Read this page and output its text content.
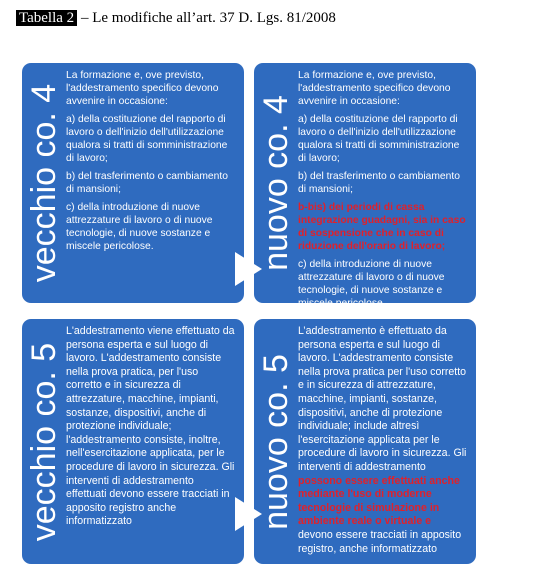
Tabella 2 – Le modifiche all’art. 37 D. Lgs. 81/2008
vecchio co. 4

La formazione e, ove previsto, l'addestramento specifico devono avvenire in occasione:

a) della costituzione del rapporto di lavoro o dell'inizio dell'utilizzazione qualora si tratti di somministrazione di lavoro;

b) del trasferimento o cambiamento di mansioni;

c) della introduzione di nuove attrezzature di lavoro o di nuove tecnologie, di nuove sostanze e miscele pericolose.	nuovo co. 4

La formazione e, ove previsto, l'addestramento specifico devono avvenire in occasione:

a) della costituzione del rapporto di lavoro o dell'inizio dell'utilizzazione qualora si tratti di somministrazione di lavoro;

b) del trasferimento o cambiamento di mansioni;

b-bis) dei periodi di cassa integrazione guadagni, sia in caso di sospensione che in caso di riduzione dell'orario di lavoro;

c) della introduzione di nuove attrezzature di lavoro o di nuove tecnologie, di nuove sostanze e miscele pericolose.

vecchio co. 5

L'addestramento viene effettuato da persona esperta e sul luogo di lavoro. L'addestramento consiste nella prova pratica, per l'uso corretto e in sicurezza di attrezzature, macchine, impianti, sostanze, dispositivi, anche di protezione individuale; l'addestramento consiste, inoltre, nell'esercitazione applicata, per le procedure di lavoro in sicurezza. Gli interventi di addestramento effettuati devono essere tracciati in apposito registro anche informatizzato	nuovo co. 5

L’addestramento è effettuato da persona esperta e sul luogo di lavoro. L'addestramento consiste nella prova pratica per l'uso corretto e in sicurezza di attrezzature, macchine, impianti, sostanze, dispositivi, anche di protezione individuale; include altresì l'esercitazione applicata per le procedure di lavoro in sicurezza. Gli interventi di addestramento possono essere effettuati anche mediante l'uso di moderne tecnologie di simulazione in ambiente reale o virtuale e devono essere tracciati in apposito registro, anche informatizzato
